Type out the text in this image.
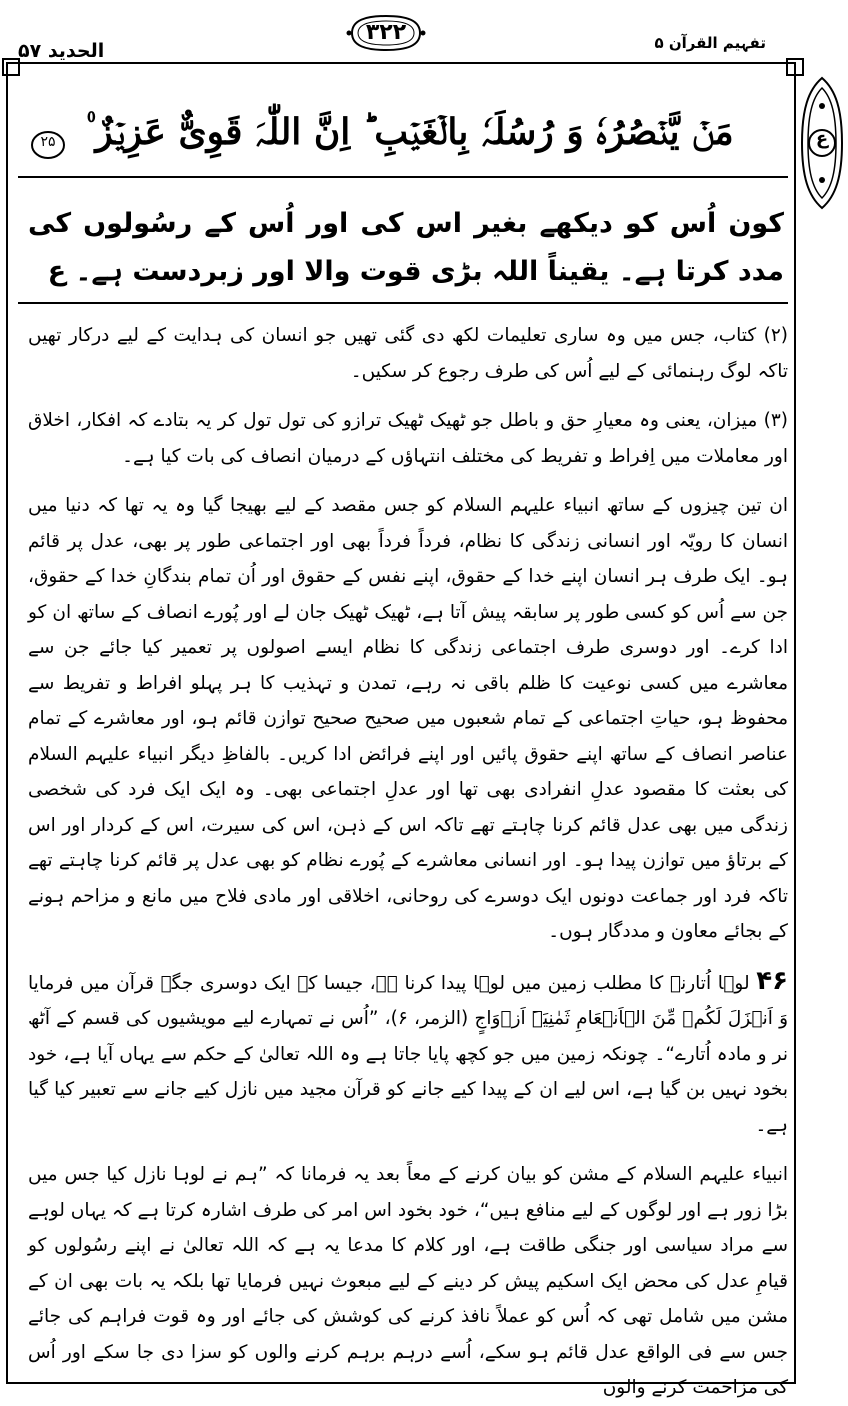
الحدید ۵۷
۳۲۲	تفہیم القرآن ۵
ع
مَنۡ یَّنۡصُرُہٗ وَ رُسُلَہٗ بِالۡغَیۡبِ ؕ اِنَّ اللّٰہَ قَوِیٌّ عَزِیۡزٌ ۠
۲۵
کون اُس کو دیکھے بغیر اس کی اور اُس کے رسُولوں کی مدد کرتا ہے۔ یقیناً اللہ بڑی قوت والا اور زبردست ہے۔ ع

(۲) کتاب، جس میں وہ ساری تعلیمات لکھ دی گئی تھیں جو انسان کی ہدایت کے لیے درکار تھیں تاکہ لوگ رہنمائی کے لیے اُس کی طرف رجوع کر سکیں۔

(۳) میزان، یعنی وہ معیارِ حق و باطل جو ٹھیک ٹھیک ترازو کی تول تول کر یہ بتادے کہ افکار، اخلاق اور معاملات میں اِفراط و تفریط کی مختلف انتہاؤں کے درمیان انصاف کی بات کیا ہے۔

ان تین چیزوں کے ساتھ انبیاء علیہم السلام کو جس مقصد کے لیے بھیجا گیا وہ یہ تھا کہ دنیا میں انسان کا رویّہ اور انسانی زندگی کا نظام، فرداً فرداً بھی اور اجتماعی طور پر بھی، عدل پر قائم ہو۔ ایک طرف ہر انسان اپنے خدا کے حقوق، اپنے نفس کے حقوق اور اُن تمام بندگانِ خدا کے حقوق، جن سے اُس کو کسی طور پر سابقہ پیش آتا ہے، ٹھیک ٹھیک جان لے اور پُورے انصاف کے ساتھ ان کو ادا کرے۔ اور دوسری طرف اجتماعی زندگی کا نظام ایسے اصولوں پر تعمیر کیا جائے جن سے معاشرے میں کسی نوعیت کا ظلم باقی نہ رہے، تمدن و تہذیب کا ہر پہلو افراط و تفریط سے محفوظ ہو، حیاتِ اجتماعی کے تمام شعبوں میں صحیح صحیح توازن قائم ہو، اور معاشرے کے تمام عناصر انصاف کے ساتھ اپنے حقوق پائیں اور اپنے فرائض ادا کریں۔ بالفاظِ دیگر انبیاء علیہم السلام کی بعثت کا مقصود عدلِ انفرادی بھی تھا اور عدلِ اجتماعی بھی۔ وہ ایک ایک فرد کی شخصی زندگی میں بھی عدل قائم کرنا چاہتے تھے تاکہ اس کے ذہن، اس کی سیرت، اس کے کردار اور اس کے برتاؤ میں توازن پیدا ہو۔ اور انسانی معاشرے کے پُورے نظام کو بھی عدل پر قائم کرنا چاہتے تھے تاکہ فرد اور جماعت دونوں ایک دوسرے کی روحانی، اخلاقی اور مادی فلاح میں مانع و مزاحم ہونے کے بجائے معاون و مددگار ہوں۔

۴۶ لوہا اُتارنے کا مطلب زمین میں لوہا پیدا کرنا ہے، جیسا کہ ایک دوسری جگہ قرآن میں فرمایا وَ اَنۡزَلَ لَکُمۡ مِّنَ الۡاَنۡعَامِ ثَمٰنِیَۃَ اَزۡوَاجٍ (الزمر، ۶)، ”اُس نے تمہارے لیے مویشیوں کی قسم کے آٹھ نر و مادہ اُتارے“۔ چونکہ زمین میں جو کچھ پایا جاتا ہے وہ اللہ تعالیٰ کے حکم سے یہاں آیا ہے، خود بخود نہیں بن گیا ہے، اس لیے ان کے پیدا کیے جانے کو قرآن مجید میں نازل کیے جانے سے تعبیر کیا گیا ہے۔

انبیاء علیہم السلام کے مشن کو بیان کرنے کے معاً بعد یہ فرمانا کہ ”ہم نے لوہا نازل کیا جس میں بڑا زور ہے اور لوگوں کے لیے منافع ہیں“، خود بخود اس امر کی طرف اشارہ کرتا ہے کہ یہاں لوہے سے مراد سیاسی اور جنگی طاقت ہے، اور کلام کا مدعا یہ ہے کہ اللہ تعالیٰ نے اپنے رسُولوں کو قیامِ عدل کی محض ایک اسکیم پیش کر دینے کے لیے مبعوث نہیں فرمایا تھا بلکہ یہ بات بھی ان کے مشن میں شامل تھی کہ اُس کو عملاً نافذ کرنے کی کوشش کی جائے اور وہ قوت فراہم کی جائے جس سے فی الواقع عدل قائم ہو سکے، اُسے درہم برہم کرنے والوں کو سزا دی جا سکے اور اُس کی مزاحمت کرنے والوں
